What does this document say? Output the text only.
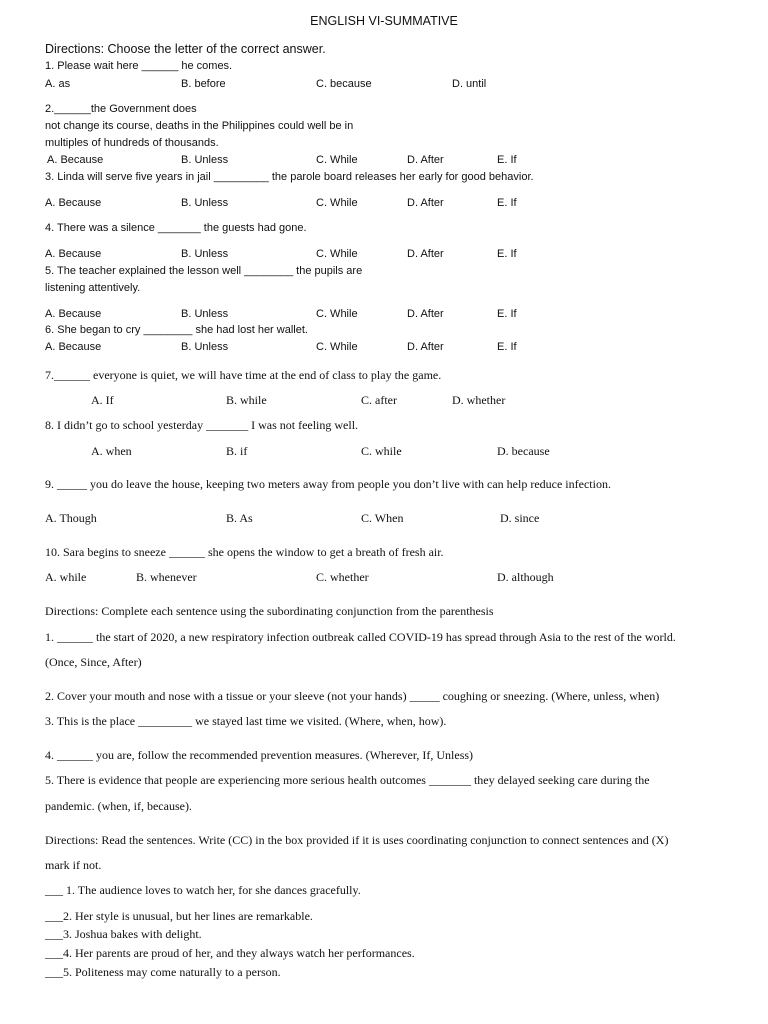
ENGLISH VI-SUMMATIVE
Directions: Choose the letter of the correct answer.
1. Please wait here ______ he comes.
A. as	B. before	C. because	D. until
2.______the Government does
not change its course, deaths in the Philippines could well be in
multiples of hundreds of thousands.
A. Because	B. Unless	C. While	D. After	E. If
3. Linda will serve five years in jail _________ the parole board releases her early for good behavior.
A. Because	B. Unless	C. While	D. After	E. If
4. There was a silence _______ the guests had gone.
A. Because	B. Unless	C. While	D. After	E. If
5. The teacher explained the lesson well ________ the pupils are
listening attentively.
A. Because	B. Unless	C. While	D. After	E. If
6. She began to cry ________ she had lost her wallet.
A. Because	B. Unless	C. While	D. After	E. If
7.______ everyone is quiet, we will have time at the end of class to play the game.
A. If	B. while	C. after	D. whether
8. I didn’t go to school yesterday _______ I was not feeling well.
A. when	B. if	C. while	D. because
9. _____ you do leave the house, keeping two meters away from people you don’t live with can help reduce infection.
A. Though	B. As	C. When	D. since
10. Sara begins to sneeze ______ she opens the window to get a breath of fresh air.
A. while	B. whenever	C. whether	D. although
Directions: Complete each sentence using the subordinating conjunction from the parenthesis
1. ______ the start of 2020, a new respiratory infection outbreak called COVID-19 has spread through Asia to the rest of the world.
(Once, Since, After)
2. Cover your mouth and nose with a tissue or your sleeve (not your hands) _____ coughing or sneezing. (Where, unless, when)
3. This is the place _________ we stayed last time we visited. (Where, when, how).
4. ______ you are, follow the recommended prevention measures. (Wherever, If, Unless)
5. There is evidence that people are experiencing more serious health outcomes _______ they delayed seeking care during the
pandemic. (when, if, because).
Directions: Read the sentences. Write (CC) in the box provided if it is uses coordinating conjunction to connect sentences and (X)
mark if not.
___ 1. The audience loves to watch her, for she dances gracefully.
___2. Her style is unusual, but her lines are remarkable.
___3. Joshua bakes with delight.
___4. Her parents are proud of her, and they always watch her performances.
___5. Politeness may come naturally to a person.
